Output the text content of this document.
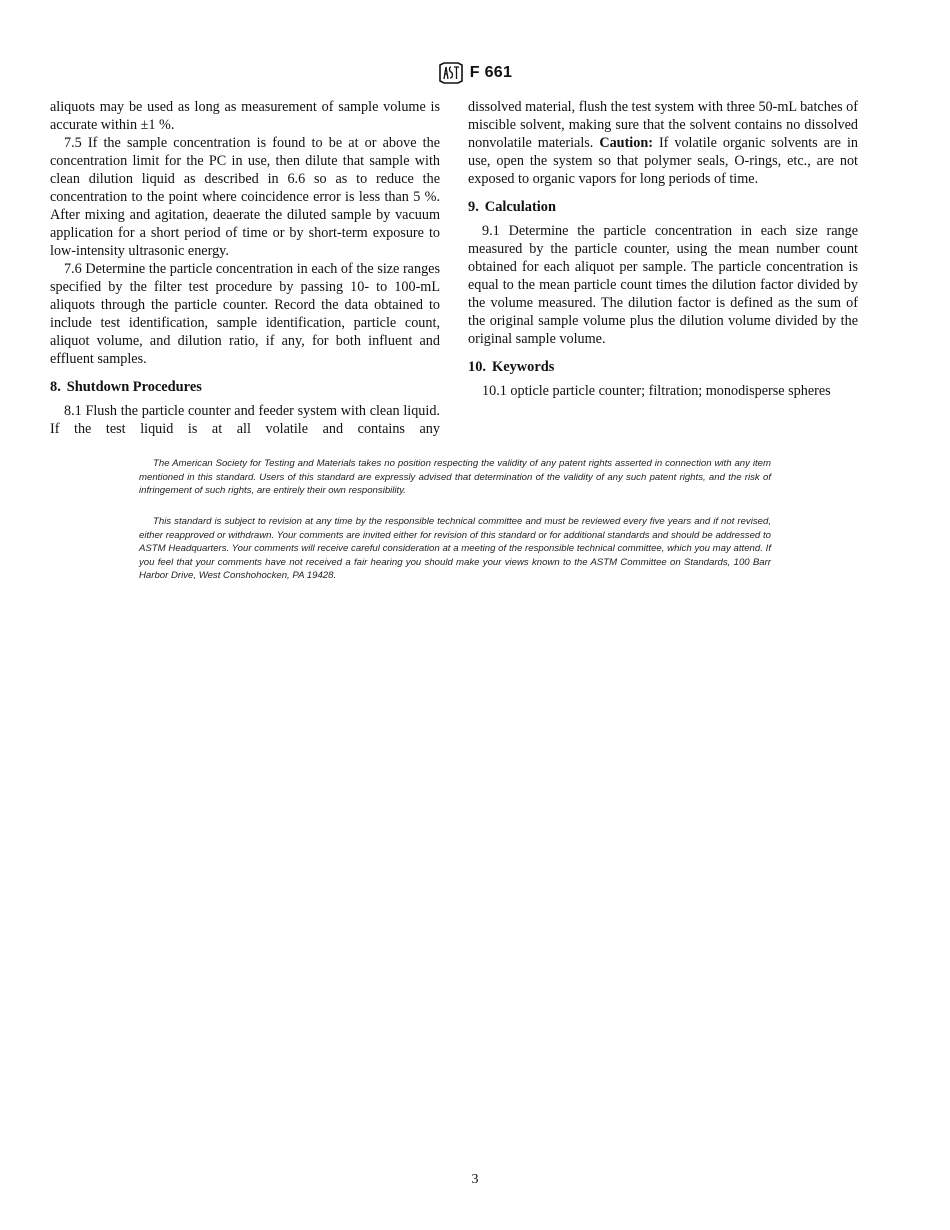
F 661

aliquots may be used as long as measurement of sample volume is accurate within ±1 %.

7.5 If the sample concentration is found to be at or above the concentration limit for the PC in use, then dilute that sample with clean dilution liquid as described in 6.6 so as to reduce the concentration to the point where coincidence error is less than 5 %. After mixing and agitation, deaerate the diluted sample by vacuum application for a short period of time or by short-term exposure to low-intensity ultrasonic energy.

7.6 Determine the particle concentration in each of the size ranges specified by the filter test procedure by passing 10- to 100-mL aliquots through the particle counter. Record the data obtained to include test identification, sample identification, particle count, aliquot volume, and dilution ratio, if any, for both influent and effluent samples.

8. Shutdown Procedures

8.1 Flush the particle counter and feeder system with clean liquid. If the test liquid is at all volatile and contains any

dissolved material, flush the test system with three 50-mL batches of miscible solvent, making sure that the solvent contains no dissolved nonvolatile materials. Caution: If volatile organic solvents are in use, open the system so that polymer seals, O-rings, etc., are not exposed to organic vapors for long periods of time.

9. Calculation

9.1 Determine the particle concentration in each size range measured by the particle counter, using the mean number count obtained for each aliquot per sample. The particle concentration is equal to the mean particle count times the dilution factor divided by the volume measured. The dilution factor is defined as the sum of the original sample volume plus the dilution volume divided by the original sample volume.

10. Keywords

10.1 opticle particle counter; filtration; monodisperse spheres

The American Society for Testing and Materials takes no position respecting the validity of any patent rights asserted in connection with any item mentioned in this standard. Users of this standard are expressly advised that determination of the validity of any such patent rights, and the risk of infringement of such rights, are entirely their own responsibility.

This standard is subject to revision at any time by the responsible technical committee and must be reviewed every five years and if not revised, either reapproved or withdrawn. Your comments are invited either for revision of this standard or for additional standards and should be addressed to ASTM Headquarters. Your comments will receive careful consideration at a meeting of the responsible technical committee, which you may attend. If you feel that your comments have not received a fair hearing you should make your views known to the ASTM Committee on Standards, 100 Barr Harbor Drive, West Conshohocken, PA 19428.

3
